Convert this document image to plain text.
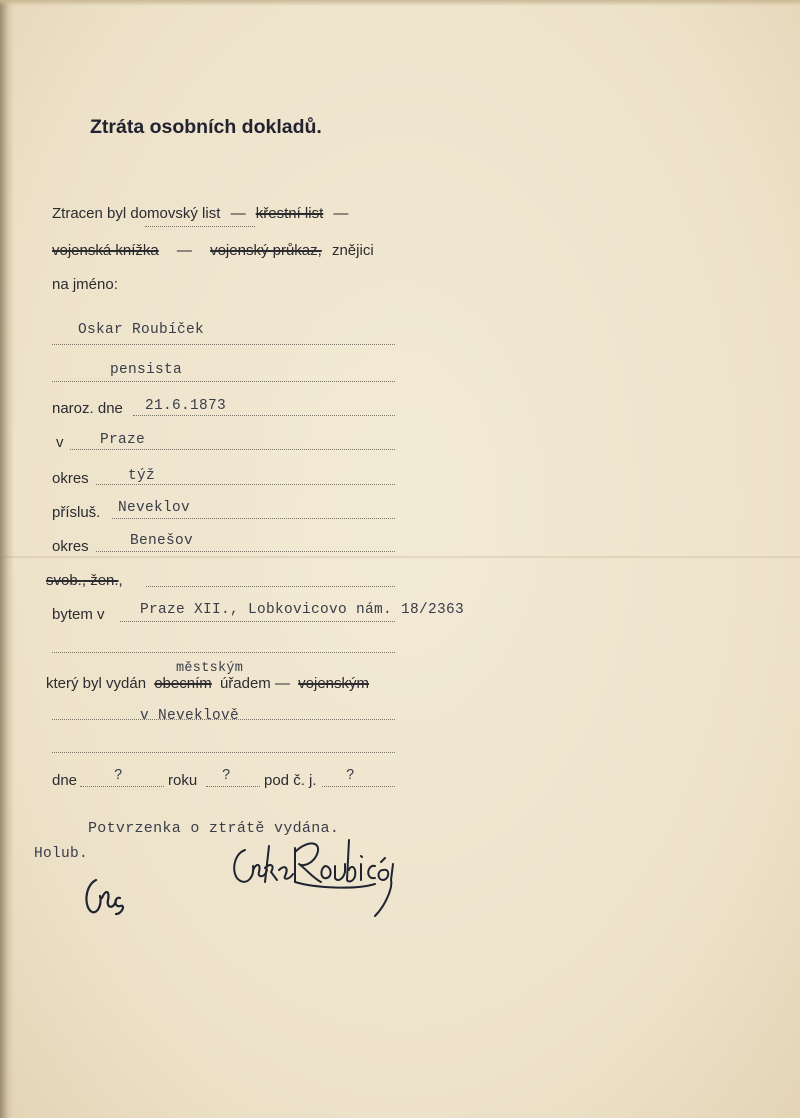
Ztráta osobních dokladů.
Ztracen byl domovský list — křestní list —
vojenská knížka — vojenský průkaz, znějici
na jméno:
Oskar Roubíček
pensista
naroz. dne 21.6.1873
v	Praze
okres	týž
přísluš. Neveklov
okres	Benešov
svob., žen.,
bytem v Praze XII., Lobkovicovo nám. 18/2363
městským
který byl vydán obecním úřadem — vojenským
v Neveklově
dne	?	roku ? pod č. j. ?
Potvrzenka o ztrátě vydána.
Holub.
